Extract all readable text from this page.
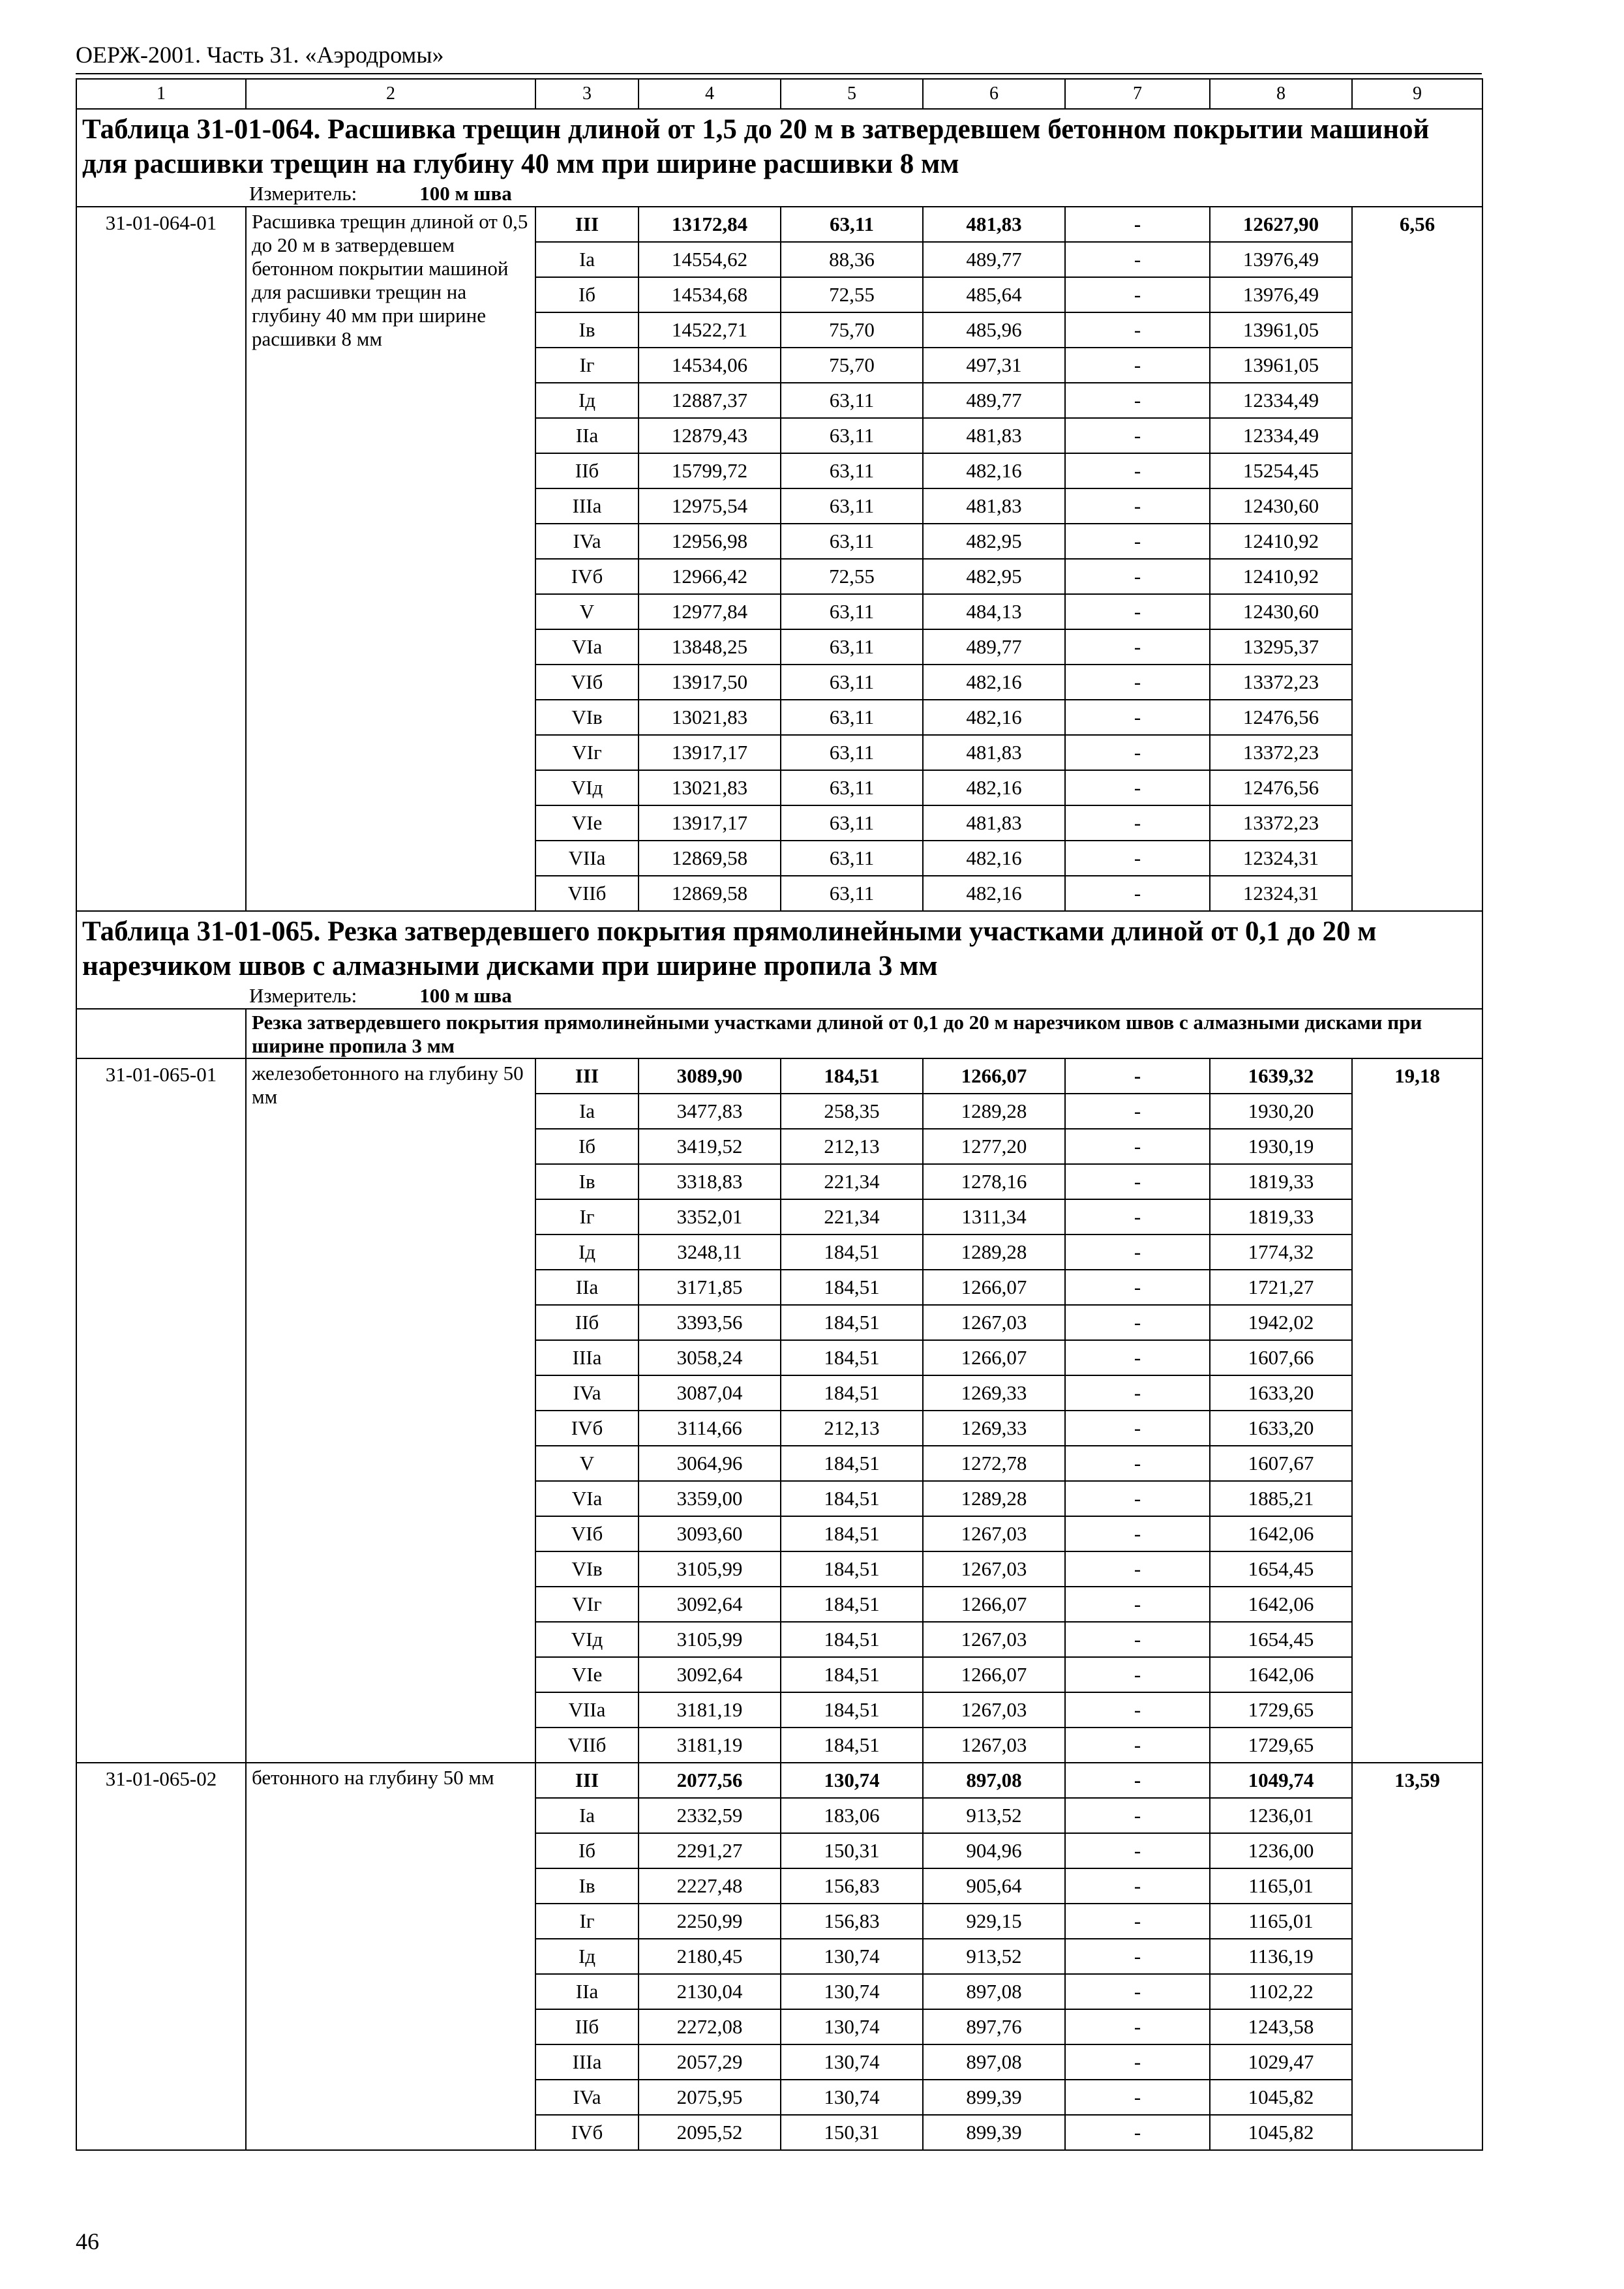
ОЕРЖ-2001. Часть 31. «Аэродромы»
1	2	3	4	5	6	7	8	9

Таблица 31-01-064. Расшивка трещин длиной от 1,5 до 20 м в затвердевшем бетонном покрытии машиной для расшивки трещин на глубину 40 мм при ширине расшивки 8 мм
Измеритель: 100 м шва								

31-01-064-01	Расшивка трещин длиной от 0,5 до 20 м в затвердевшем бетонном покрытии машиной для расшивки трещин на глубину 40 мм при ширине расшивки 8 мм	III	13172,84	63,11	481,83	-	12627,90	6,56
		Ia	14554,62	88,36	489,77	-	13976,49	
		Iб	14534,68	72,55	485,64	-	13976,49	
		Iв	14522,71	75,70	485,96	-	13961,05	
		Iг	14534,06	75,70	497,31	-	13961,05	
		Iд	12887,37	63,11	489,77	-	12334,49	
		IIa	12879,43	63,11	481,83	-	12334,49	
		IIб	15799,72	63,11	482,16	-	15254,45	
		IIIa	12975,54	63,11	481,83	-	12430,60	
		IVa	12956,98	63,11	482,95	-	12410,92	
		IVб	12966,42	72,55	482,95	-	12410,92	
		V	12977,84	63,11	484,13	-	12430,60	
		VIa	13848,25	63,11	489,77	-	13295,37	
		VIб	13917,50	63,11	482,16	-	13372,23	
		VIв	13021,83	63,11	482,16	-	12476,56	
		VIг	13917,17	63,11	481,83	-	13372,23	
		VIд	13021,83	63,11	482,16	-	12476,56	
		VIe	13917,17	63,11	481,83	-	13372,23	
		VIIa	12869,58	63,11	482,16	-	12324,31	
		VIIб	12869,58	63,11	482,16	-	12324,31	

Таблица 31-01-065. Резка затвердевшего покрытия прямолинейными участками длиной от 0,1 до 20 м нарезчиком швов с алмазными дисками при ширине пропила 3 мм
Измеритель: 100 м шва								

	Резка затвердевшего покрытия прямолинейными участками длиной от 0,1 до 20 м нарезчиком швов с алмазными дисками при ширине пропила 3 мм							
31-01-065-01	железобетонного на глубину 50 мм	III	3089,90	184,51	1266,07	-	1639,32	19,18
		Ia	3477,83	258,35	1289,28	-	1930,20	
		Iб	3419,52	212,13	1277,20	-	1930,19	
		Iв	3318,83	221,34	1278,16	-	1819,33	
		Iг	3352,01	221,34	1311,34	-	1819,33	
		Iд	3248,11	184,51	1289,28	-	1774,32	
		IIa	3171,85	184,51	1266,07	-	1721,27	
		IIб	3393,56	184,51	1267,03	-	1942,02	
		IIIa	3058,24	184,51	1266,07	-	1607,66	
		IVa	3087,04	184,51	1269,33	-	1633,20	
		IVб	3114,66	212,13	1269,33	-	1633,20	
		V	3064,96	184,51	1272,78	-	1607,67	
		VIa	3359,00	184,51	1289,28	-	1885,21	
		VIб	3093,60	184,51	1267,03	-	1642,06	
		VIв	3105,99	184,51	1267,03	-	1654,45	
		VIг	3092,64	184,51	1266,07	-	1642,06	
		VIд	3105,99	184,51	1267,03	-	1654,45	
		VIe	3092,64	184,51	1266,07	-	1642,06	
		VIIa	3181,19	184,51	1267,03	-	1729,65	
		VIIб	3181,19	184,51	1267,03	-	1729,65	
31-01-065-02	бетонного на глубину 50 мм	III	2077,56	130,74	897,08	-	1049,74	13,59
		Ia	2332,59	183,06	913,52	-	1236,01	
		Iб	2291,27	150,31	904,96	-	1236,00	
		Iв	2227,48	156,83	905,64	-	1165,01	
		Iг	2250,99	156,83	929,15	-	1165,01	
		Iд	2180,45	130,74	913,52	-	1136,19	
		IIa	2130,04	130,74	897,08	-	1102,22	
		IIб	2272,08	130,74	897,76	-	1243,58	
		IIIa	2057,29	130,74	897,08	-	1029,47	
		IVa	2075,95	130,74	899,39	-	1045,82	
		IVб	2095,52	150,31	899,39	-	1045,82	
46
